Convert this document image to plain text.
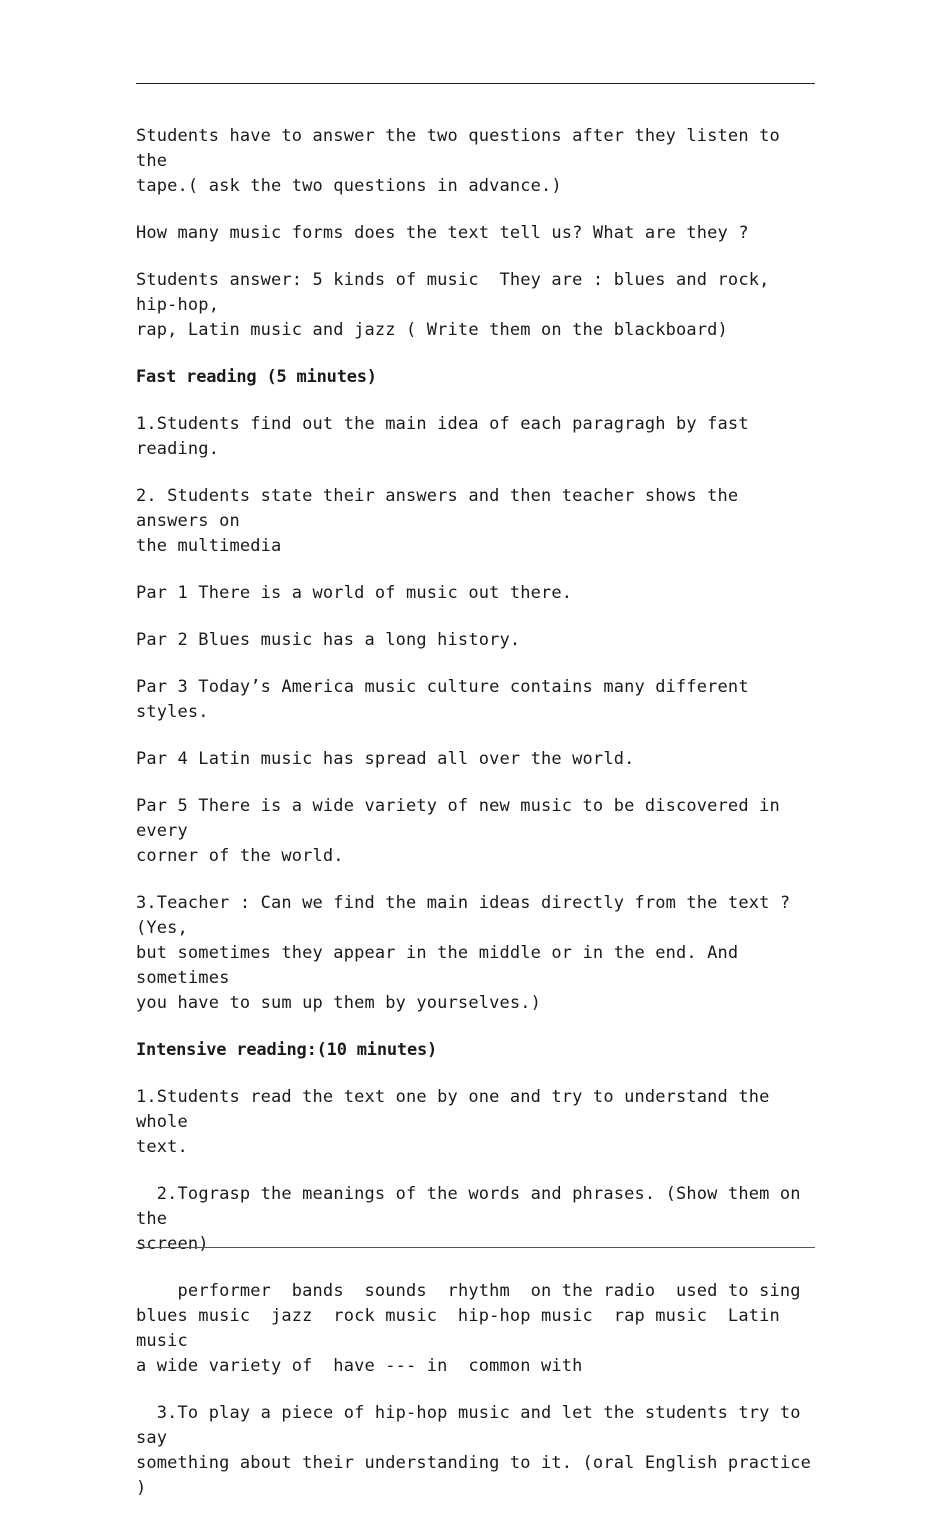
Students have to answer the two questions after they listen to the
tape.( ask the two questions in advance.)

How many music forms does the text tell us? What are they ?

Students answer: 5 kinds of music  They are : blues and rock, hip-hop,
rap, Latin music and jazz ( Write them on the blackboard)

Fast reading (5 minutes)

1.Students find out the main idea of each paragragh by fast reading.

2. Students state their answers and then teacher shows the answers on
the multimedia

Par 1 There is a world of music out there.

Par 2 Blues music has a long history.

Par 3 Today’s America music culture contains many different styles.

Par 4 Latin music has spread all over the world.

Par 5 There is a wide variety of new music to be discovered in every
corner of the world.

3.Teacher : Can we find the main ideas directly from the text ? (Yes,
but sometimes they appear in the middle or in the end. And sometimes
you have to sum up them by yourselves.)

Intensive reading:(10 minutes)

1.Students read the text one by one and try to understand the whole
text.

2.Tograsp the meanings of the words and phrases. (Show them on the
screen)

performer  bands  sounds  rhythm  on the radio  used to sing
blues music  jazz  rock music  hip-hop music  rap music  Latin music
a wide variety of  have --- in  common with

3.To play a piece of hip-hop music and let the students try to say
something about their understanding to it. (oral English practice )
